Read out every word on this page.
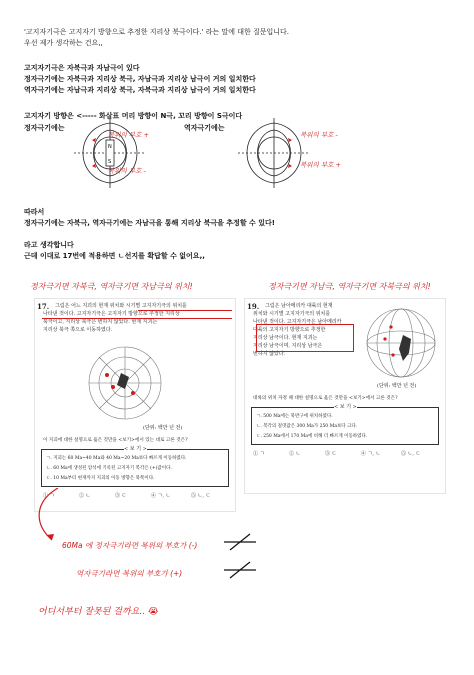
'고지자기극은 고지자기 방향으로 추정한 지리상 북극이다.' 라는 말에 대한 질문입니다.
우선 제가 생각하는 건요,,
고지자기극은 자북극과 자남극이 있다
정자극기에는 자북극과 지리상 북극, 자남극과 지리상 남극이 거의 일치한다
역자극기에는 자남극과 지리상 북극, 자북극과 지리상 남극이 거의 일치한다
고지자기 방향은 <----- 화살표 머리 방향이 N극, 꼬리 방향이 S극이다
정자극기에는	역자극기에는
N
S
복위의 부호 +
복위의 부호 -
복위의 부호 -
복위의 부호 +
따라서
정자극기에는 자북극, 역자극기에는 자남극을 통해 지리상 북극을 추정할 수 있다!
라고 생각합니다
근데 이대로 17번에 적용하면 ㄴ선지를 확답할 수 없어요,,
정자극기면 자북극, 역자극기면 자남극의 위치!	정자극기면 자남극, 역자극기면 자북극의 위치!
17. 그림은 어느 지괴의 현재 위치와 시기별 고지자기극의 위치를
나타낸 것이다. 고지자기극은 고지자기 방향으로 추정한 지리상
북극이고, 지리상 북극은 변하지 않았다. 현재 지괴는
지리상 북극 쪽으로 이동하였다.
(단위: 백만 년 전)
이 지괴에 대한 설명으로 옳은 것만을 <보기>에서 있는 대로 고른 것은?
< 보 기 >
ㄱ. 지괴는 60 Ma~40 Ma와 40 Ma~20 Ma보다 빠르게 이동하였다.
ㄴ. 60 Ma에 생성된 암석에 기록된 고지자기 복각은 (+)값이다.
ㄷ. 10 Ma부터 현재까지 지괴의 이동 방향은 북쪽이다.
① ㄱ	② ㄴ	③ ㄷ	④ ㄱ, ㄴ	⑤ ㄴ, ㄷ
19. 그림은 남아메리카 대륙의 현재
위치와 시기별 고지자기극의 위치를
나타낸 것이다. 고지자기극은 남아메리카
대륙의 고지자기 방향으로 추정한
지리상 남극이다. 현재 지괴는
지리상 남극이며, 지리상 남극은
변하지 않았다.
(단위: 백만 년 전)
대륙의 위치 자정 때 대한 설명으로 옳은 것만을 <보기>에서 고른 것은?
< 보 기 >
ㄱ. 500 Ma에는 북반구에 위치하였다.
ㄴ. 복각의 절댓값은 300 Ma가 250 Ma보다 크다.
ㄷ. 250 Ma에서 170 Ma에 비해 더 빠르게 이동하였다.
① ㄱ	② ㄴ	③ ㄷ	④ ㄱ, ㄴ	⑤ ㄴ, ㄷ
60Ma 에 정자극기라면 복위의 부호가 (-)
역자극기라면 복위의 부호가 (+)
어디서부터 잘못된 걸까요.. 😭
